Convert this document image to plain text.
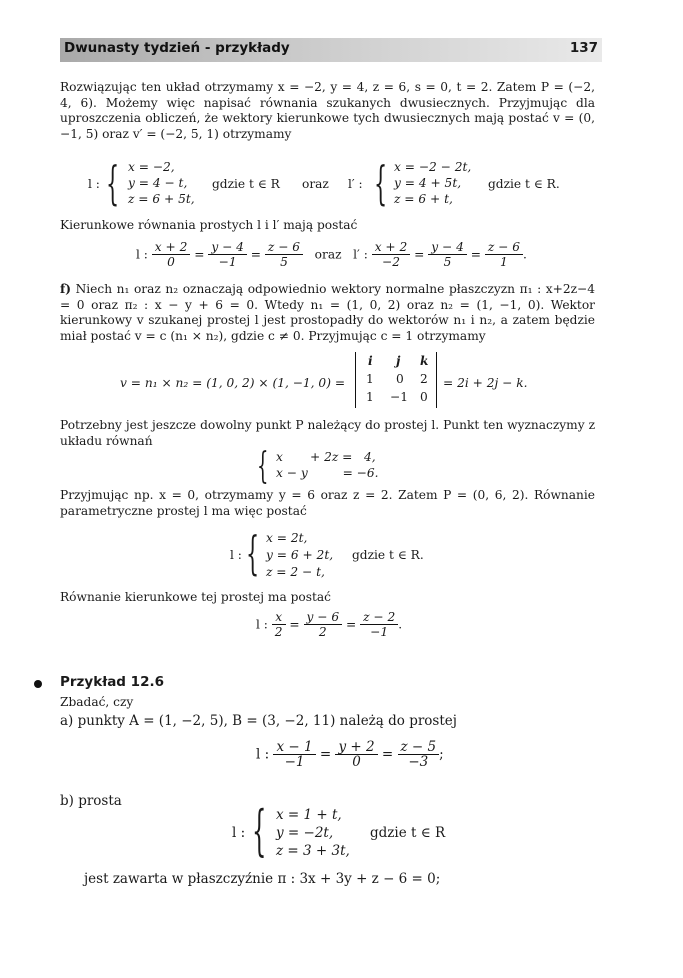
Dwunasty tydzień - przykłady	137
Rozwiązując ten układ otrzymamy x = −2, y = 4, z = 6, s = 0, t = 2. Zatem P = (−2, 4, 6). Możemy więc napisać równania szukanych dwusiecznych. Przyjmując dla uproszczenia obliczeń, że wektory kierunkowe tych dwusiecznych mają postać v = (0, −1, 5) oraz v′ = (−2, 5, 1) otrzymamy
l : { x = −2,
y = 4 − t,
z = 6 + 5t,
gdzie t ∈ R oraz l′ : { x = −2 − 2t,
y = 4 + 5t,
z = 6 + t,
gdzie t ∈ R.
Kierunkowe równania prostych l i l′ mają postać
l : $\frac{x + 2}{0} = \frac{y - 4}{-1} = \frac{z - 6}{5}$ oraz l′ : $\frac{x + 2}{-2} = \frac{y - 4}{5} = \frac{z - 6}{1}$ .
f) Niech n₁ oraz n₂ oznaczają odpowiednio wektory normalne płaszczyzn π₁ : x+2z−4 = 0 oraz π₂ : x − y + 6 = 0. Wtedy n₁ = (1, 0, 2) oraz n₂ = (1, −1, 0). Wektor kierunkowy v szukanej prostej l jest prostopadły do wektorów n₁ i n₂, a zatem będzie miał postać v = c (n₁ × n₂), gdzie c ≠ 0. Przyjmując c = 1 otrzymamy
v = n₁ × n₂ = (1, 0, 2) × (1, −1, 0) =
i j k
1 0 2
1 −1 0
= 2i + 2j − k.
Potrzebny jest jeszcze dowolny punkt P należący do prostej l. Punkt ten wyznaczymy z układu równań
{ x       + 2z =   4,
x − y         = −6.
Przyjmując np. x = 0, otrzymamy y = 6 oraz z = 2. Zatem P = (0, 6, 2). Równanie parametryczne prostej l ma więc postać
l : { x = 2t,
y = 6 + 2t,
z = 2 − t,
gdzie t ∈ R.
Równanie kierunkowe tej prostej ma postać
l : $\frac{x}{2} = \frac{y - 6}{2} = \frac{z - 2}{-1}$ .
Przykład 12.6
Zbadać, czy
a) punkty A = (1, −2, 5), B = (3, −2, 11) należą do prostej
l : $\frac{x - 1}{-1} = \frac{y + 2}{0} = \frac{z - 5}{-3}$ ;
b) prosta
l : { x = 1 + t,
y = −2t,
z = 3 + 3t,
gdzie t ∈ R
jest zawarta w płaszczyźnie π : 3x + 3y + z − 6 = 0;
